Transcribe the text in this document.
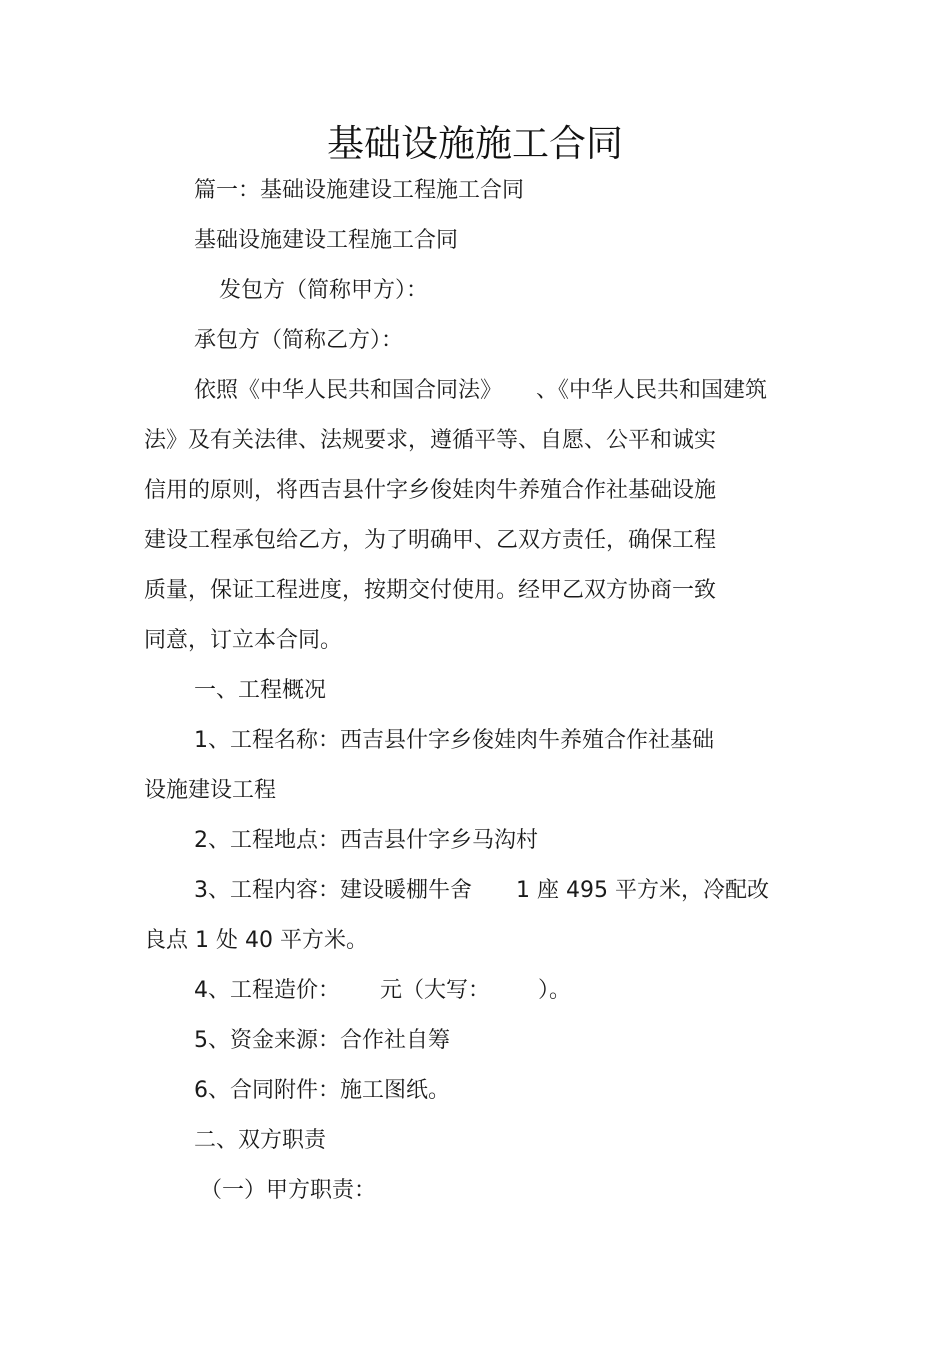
基础设施施工合同
篇一：基础设施建设工程施工合同
基础设施建设工程施工合同
发包方（简称甲方）：
承包方（简称乙方）：
依照《中华人民共和国合同法》 、《中华人民共和国建筑
法》及有关法律、法规要求，遵循平等、自愿、公平和诚实
信用的原则，将西吉县什字乡俊娃肉牛养殖合作社基础设施
建设工程承包给乙方，为了明确甲、乙双方责任，确保工程
质量，保证工程进度，按期交付使用。经甲乙双方协商一致
同意，订立本合同。
一、工程概况
1、工程名称：西吉县什字乡俊娃肉牛养殖合作社基础
设施建设工程
2、工程地点：西吉县什字乡马沟村
3、工程内容：建设暖棚牛舍 1 座 495 平方米，冷配改
良点 1 处 40 平方米。
4、工程造价： 元（大写： ）。
5、资金来源：合作社自筹
6、合同附件：施工图纸。
二、双方职责
（一）甲方职责：
